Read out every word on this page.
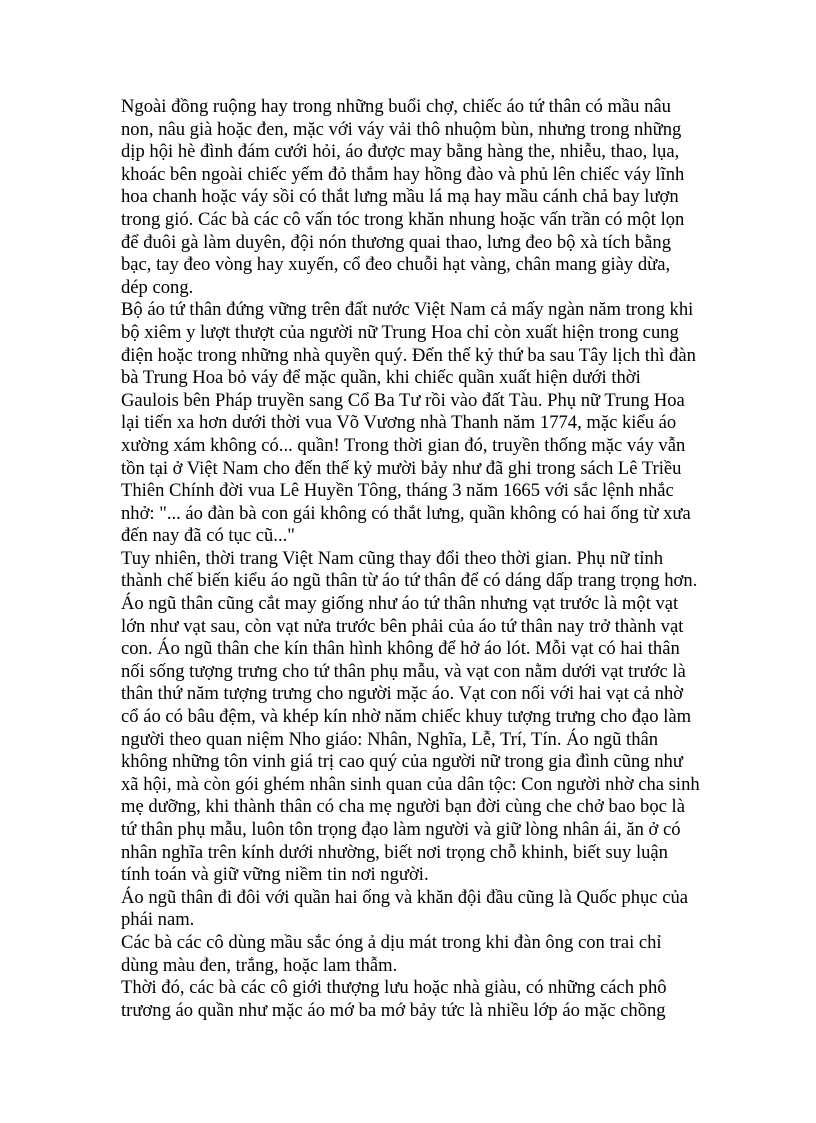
Ngoài đồng ruộng hay trong những buổi chợ, chiếc áo tứ thân có mầu nâu non, nâu già hoặc đen, mặc với váy vải thô nhuộm bùn, nhưng trong những dịp hội hè đình đám cưới hỏi, áo được may bằng hàng the, nhiễu, thao, lụa, khoác bên ngoài chiếc yếm đỏ thắm hay hồng đào và phủ lên chiếc váy lĩnh hoa chanh hoặc váy sồi có thắt lưng mầu lá mạ hay mầu cánh chả bay lượn trong gió. Các bà các cô vấn tóc trong khăn nhung hoặc vấn trần có một lọn để đuôi gà làm duyên, đội nón thương quai thao, lưng đeo bộ xà tích bằng bạc, tay đeo vòng hay xuyến, cổ đeo chuỗi hạt vàng, chân mang giày dừa, dép cong.

Bộ áo tứ thân đứng vững trên đất nước Việt Nam cả mấy ngàn năm trong khi bộ xiêm y lượt thượt của người nữ Trung Hoa chỉ còn xuất hiện trong cung điện hoặc trong những nhà quyền quý. Đến thế kỷ thứ ba sau Tây lịch thì đàn bà Trung Hoa bỏ váy để mặc quần, khi chiếc quần xuất hiện dưới thời Gaulois bên Pháp truyền sang Cổ Ba Tư rồi vào đất Tàu. Phụ nữ Trung Hoa lại tiến xa hơn dưới thời vua Võ Vương nhà Thanh năm 1774, mặc kiểu áo xường xám không có... quần! Trong thời gian đó, truyền thống mặc váy vẫn tồn tại ở Việt Nam cho đến thế kỷ mười bảy như đã ghi trong sách Lê Triều Thiên Chính đời vua Lê Huyền Tông, tháng 3 năm 1665 với sắc lệnh nhắc nhở: "... áo đàn bà con gái không có thắt lưng, quần không có hai ống từ xưa đến nay đã có tục cũ..."

Tuy nhiên, thời trang Việt Nam cũng thay đổi theo thời gian. Phụ nữ tỉnh thành chế biến kiểu áo ngũ thân từ áo tứ thân để có dáng dấp trang trọng hơn.

Áo ngũ thân cũng cắt may giống như áo tứ thân nhưng vạt trước là một vạt lớn như vạt sau, còn vạt nửa trước bên phải của áo tứ thân nay trở thành vạt con. Áo ngũ thân che kín thân hình không để hở áo lót. Mỗi vạt có hai thân nối sống tượng trưng cho tứ thân phụ mẫu, và vạt con nằm dưới vạt trước là thân thứ năm tượng trưng cho người mặc áo. Vạt con nối với hai vạt cả nhờ cổ áo có bâu đệm, và khép kín nhờ năm chiếc khuy tượng trưng cho đạo làm người theo quan niệm Nho giáo: Nhân, Nghĩa, Lễ, Trí, Tín. Áo ngũ thân không những tôn vinh giá trị cao quý của người nữ trong gia đình cũng như xã hội, mà còn gói ghém nhân sinh quan của dân tộc: Con người nhờ cha sinh mẹ dưỡng, khi thành thân có cha mẹ người bạn đời cùng che chở bao bọc là tứ thân phụ mẫu, luôn tôn trọng đạo làm người và giữ lòng nhân ái, ăn ở có nhân nghĩa trên kính dưới nhường, biết nơi trọng chỗ khinh, biết suy luận tính toán và giữ vững niềm tin nơi người.

Áo ngũ thân đi đôi với quần hai ống và khăn đội đầu cũng là Quốc phục của phái nam.

Các bà các cô dùng mầu sắc óng ả dịu mát trong khi đàn ông con trai chỉ dùng màu đen, trắng, hoặc lam thẫm.

Thời đó, các bà các cô giới thượng lưu hoặc nhà giàu, có những cách phô trương áo quần như mặc áo mớ ba mớ bảy tức là nhiều lớp áo mặc chồng
